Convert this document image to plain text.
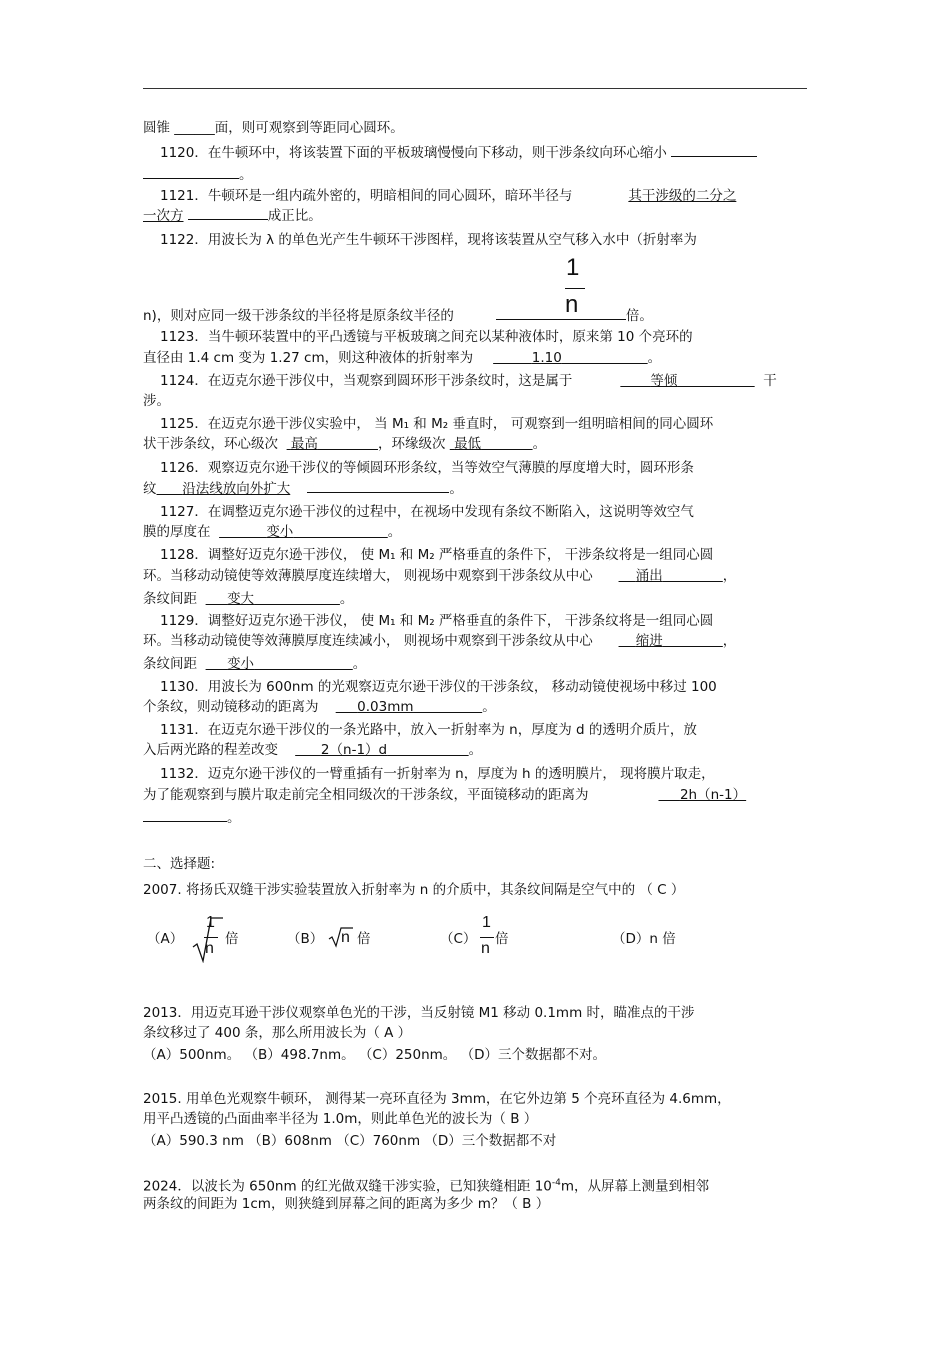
圆锥 ______面，则可观察到等距同心圆环。
1120．在牛顿环中，将该装置下面的平板玻璃慢慢向下移动，则干涉条纹向环心缩小
。
1121．牛顿环是一组内疏外密的，明暗相间的同心圆环，暗环半径与	其干涉级的二分之
一次方	成正比。
1122．用波长为 λ 的单色光产生牛顿环干涉图样，现将该装置从空气移入水中（折射率为
1
n
n)，则对应同一级干涉条纹的半径将是原条纹半径的	倍。
1123．当牛顿环装置中的平凸透镜与平板玻璃之间充以某种液体时，原来第 10 个亮环的
直径由 1.4 cm 变为 1.27 cm，则这种液体的折射率为	1.10	。
1124．在迈克尔逊干涉仪中，当观察到圆环形干涉条纹时，这是属于	等倾	干
涉。
1125．在迈克尔逊干涉仪实验中， 当 M₁ 和 M₂ 垂直时， 可观察到一组明暗相间的同心圆环
状干涉条纹，环心级次 最高	，环缘级次 最低	。
1126．观察迈克尔逊干涉仪的等倾圆环形条纹，当等效空气薄膜的厚度增大时，圆环形条
纹 沿法线放向外扩大	。
1127．在调整迈克尔逊干涉仪的过程中，在视场中发现有条纹不断陷入，这说明等效空气
膜的厚度在	变小	。
1128．调整好迈克尔逊干涉仪， 使 M₁ 和 M₂ 严格垂直的条件下， 干涉条纹将是一组同心圆
环。当移动动镜使等效薄膜厚度连续增大， 则视场中观察到干涉条纹从中心	涌出	，
条纹间距 变大	。
1129．调整好迈克尔逊干涉仪， 使 M₁ 和 M₂ 严格垂直的条件下， 干涉条纹将是一组同心圆
环。当移动动镜使等效薄膜厚度连续减小， 则视场中观察到干涉条纹从中心	缩进	，
条纹间距 变小	。
1130．用波长为 600nm 的光观察迈克尔逊干涉仪的干涉条纹， 移动动镜使视场中移过 100
个条纹，则动镜移动的距离为	0.03mm	。
1131．在迈克尔逊干涉仪的一条光路中，放入一折射率为 n，厚度为 d 的透明介质片，放
入后两光路的程差改变	2（n-1）d	。
1132．迈克尔逊干涉仪的一臂重插有一折射率为 n，厚度为 h 的透明膜片， 现将膜片取走，
为了能观察到与膜片取走前完全相同级次的干涉条纹，平面镜移动的距离为	2h（n-1）
。
二、选择题:
2007. 将扬氏双缝干涉实验装置放入折射率为 n 的介质中，其条纹间隔是空气中的 （ C ）
（A）
1
n
倍	（B） n 倍	（C）
1
n
倍	（D）n 倍
2013．用迈克耳逊干涉仪观察单色光的干涉，当反射镜 M1 移动 0.1mm 时，瞄准点的干涉
条纹移过了 400 条，那么所用波长为（ A ）
（A）500nm。 （B）498.7nm。 （C）250nm。 （D）三个数据都不对。
2015. 用单色光观察牛顿环， 测得某一亮环直径为 3mm，在它外边第 5 个亮环直径为 4.6mm，
用平凸透镜的凸面曲率半径为 1.0m，则此单色光的波长为（ B ）
（A）590.3 nm （B）608nm （C）760nm （D）三个数据都不对
2024．以波长为 650nm 的红光做双缝干涉实验，已知狭缝相距 $10^{-4}m$，从屏幕上测量到相邻
两条纹的间距为 1cm，则狭缝到屏幕之间的距离为多少 m？（ B ）
